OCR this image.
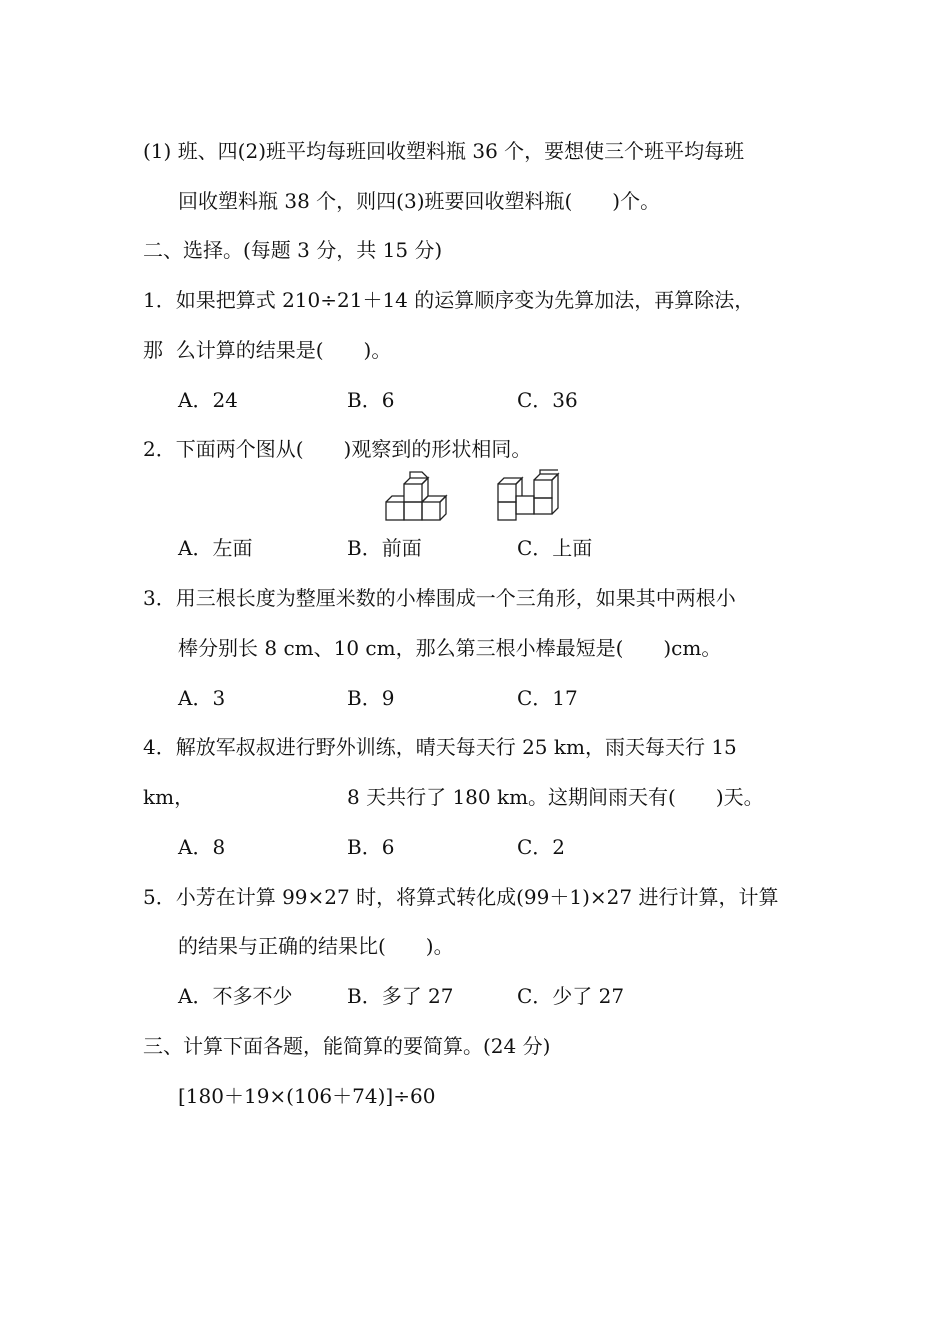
(1) 班、四(2)班平均每班回收塑料瓶 36 个，要想使三个班平均每班
回收塑料瓶 38 个，则四(3)班要回收塑料瓶(　　)个。
二、选择。(每题 3 分，共 15 分)
1．如果把算式 210÷21＋14 的运算顺序变为先算加法，再算除法，
那  么计算的结果是(　　)。
A．24	B．6	C．36
2．下面两个图从(　　)观察到的形状相同。
A．左面	B．前面	C．上面
3．用三根长度为整厘米数的小棒围成一个三角形，如果其中两根小
棒分别长 8 cm、10 cm，那么第三根小棒最短是(　　)cm。
A．3	B．9	C．17
4．解放军叔叔进行野外训练，晴天每天行 25 km，雨天每天行 15
km，	8 天共行了 180 km。这期间雨天有(　　)天。
A．8	B．6	C．2
5．小芳在计算 99×27 时，将算式转化成(99＋1)×27 进行计算，计算
的结果与正确的结果比(　　)。
A．不多不少	B．多了 27	C．少了 27
三、计算下面各题，能简算的要简算。(24 分)
[180＋19×(106＋74)]÷60
